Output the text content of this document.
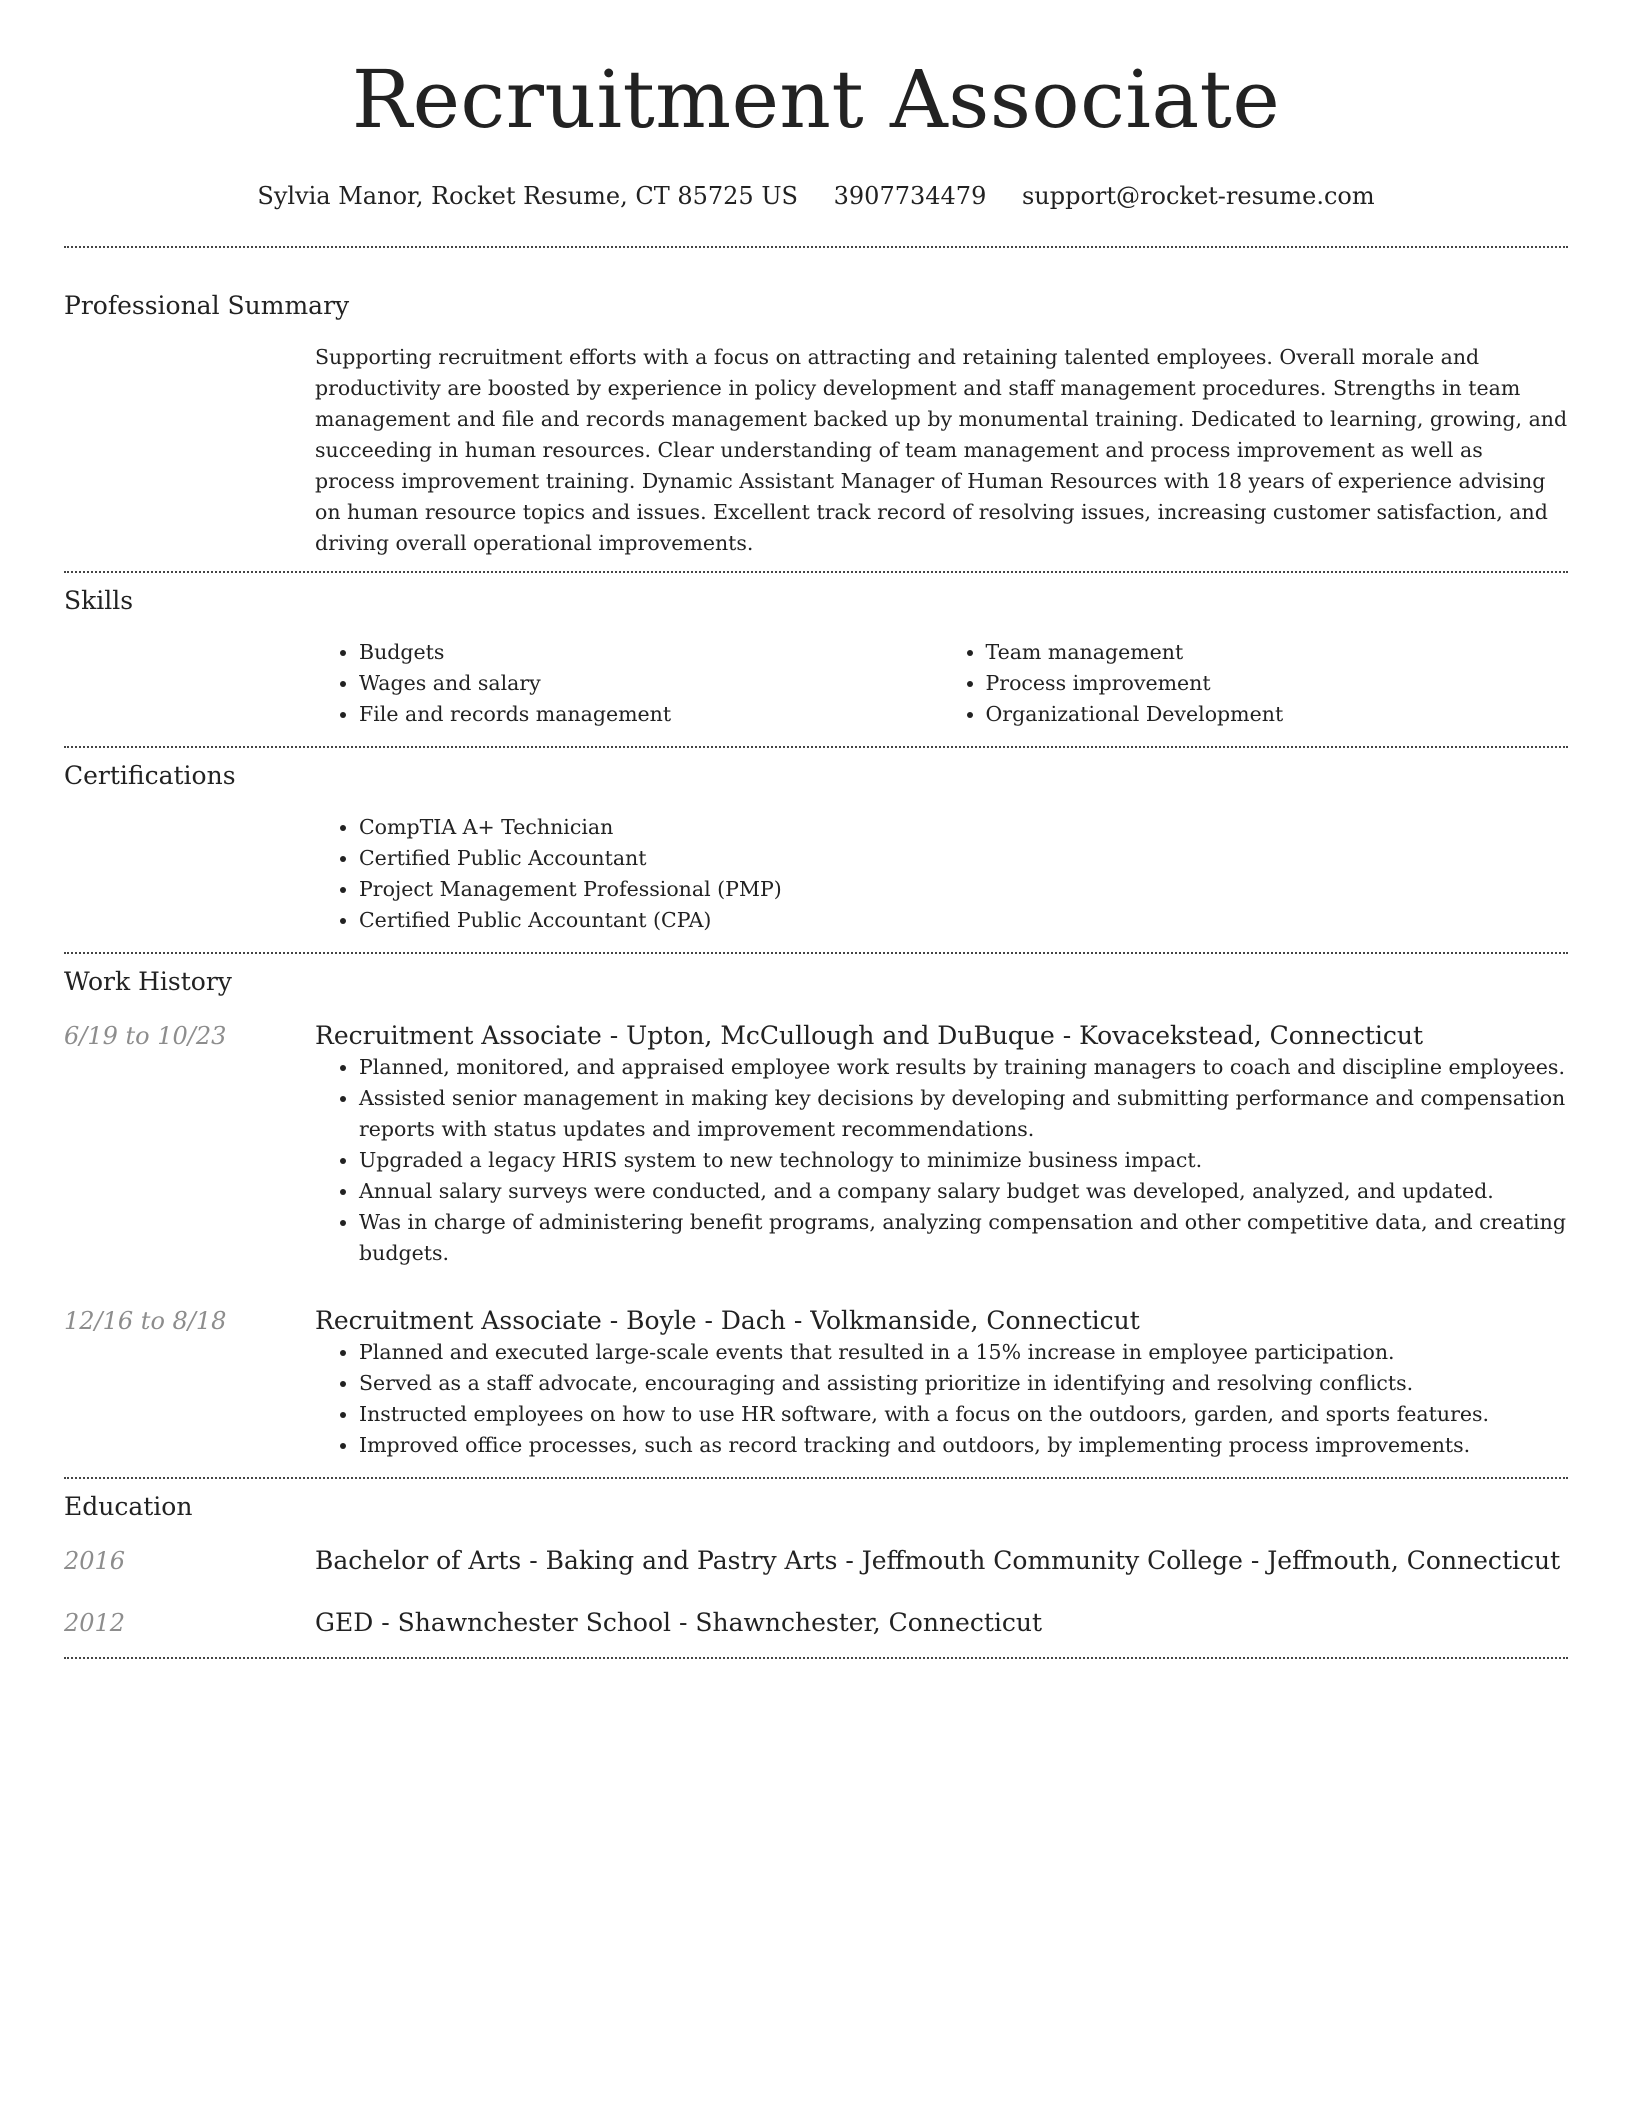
Recruitment Associate
Sylvia Manor, Rocket Resume, CT 85725 US 3907734479 support@rocket-resume.com
Professional Summary
Supporting recruitment efforts with a focus on attracting and retaining talented employees. Overall morale and productivity are boosted by experience in policy development and staff management procedures. Strengths in team management and file and records management backed up by monumental training. Dedicated to learning, growing, and succeeding in human resources. Clear understanding of team management and process improvement as well as process improvement training. Dynamic Assistant Manager of Human Resources with 18 years of experience advising on human resource topics and issues. Excellent track record of resolving issues, increasing customer satisfaction, and driving overall operational improvements.
Skills
• Budgets
• Wages and salary
• File and records management
• Team management
• Process improvement
• Organizational Development
Certifications
• CompTIA A+ Technician
• Certified Public Accountant
• Project Management Professional (PMP)
• Certified Public Accountant (CPA)
Work History
6/19 to 10/23	Recruitment Associate - Upton, McCullough and DuBuque - Kovacekstead, Connecticut
• Planned, monitored, and appraised employee work results by training managers to coach and discipline employees.
• Assisted senior management in making key decisions by developing and submitting performance and compensation reports with status updates and improvement recommendations.
• Upgraded a legacy HRIS system to new technology to minimize business impact.
• Annual salary surveys were conducted, and a company salary budget was developed, analyzed, and updated.
• Was in charge of administering benefit programs, analyzing compensation and other competitive data, and creating budgets.
12/16 to 8/18	Recruitment Associate - Boyle - Dach - Volkmanside, Connecticut
• Planned and executed large-scale events that resulted in a 15% increase in employee participation.
• Served as a staff advocate, encouraging and assisting prioritize in identifying and resolving conflicts.
• Instructed employees on how to use HR software, with a focus on the outdoors, garden, and sports features.
• Improved office processes, such as record tracking and outdoors, by implementing process improvements.
Education
2016	Bachelor of Arts - Baking and Pastry Arts - Jeffmouth Community College - Jeffmouth, Connecticut
2012	GED - Shawnchester School - Shawnchester, Connecticut
